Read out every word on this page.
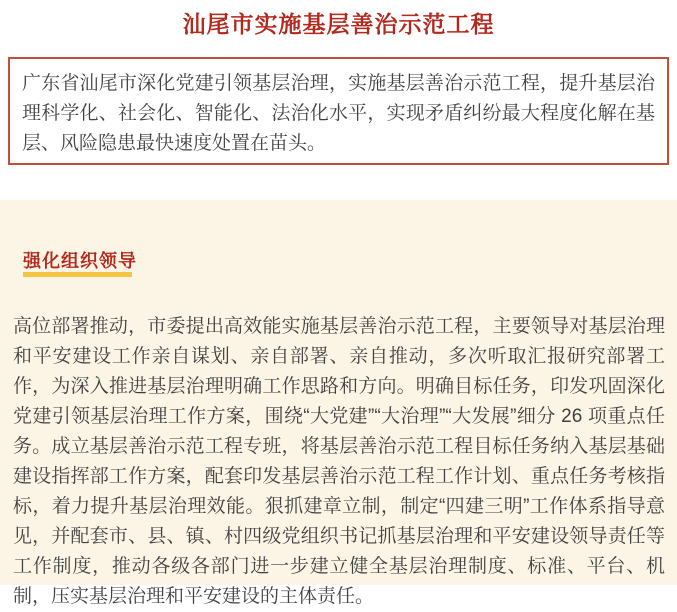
汕尾市实施基层善治示范工程

广东省汕尾市深化党建引领基层治理，实施基层善治示范工程，提升基层治理科学化、社会化、智能化、法治化水平，实现矛盾纠纷最大程度化解在基层、风险隐患最快速度处置在苗头。

强化组织领导

高位部署推动，市委提出高效能实施基层善治示范工程，主要领导对基层治理和平安建设工作亲自谋划、亲自部署、亲自推动，多次听取汇报研究部署工作，为深入推进基层治理明确工作思路和方向。明确目标任务，印发巩固深化党建引领基层治理工作方案，围绕“大党建”“大治理”“大发展”细分 26 项重点任务。成立基层善治示范工程专班，将基层善治示范工程目标任务纳入基层基础建设指挥部工作方案，配套印发基层善治示范工程工作计划、重点任务考核指标，着力提升基层治理效能。狠抓建章立制，制定“四建三明”工作体系指导意见，并配套市、县、镇、村四级党组织书记抓基层治理和平安建设领导责任等工作制度，推动各级各部门进一步建立健全基层治理制度、标准、平台、机制，压实基层治理和平安建设的主体责任。
